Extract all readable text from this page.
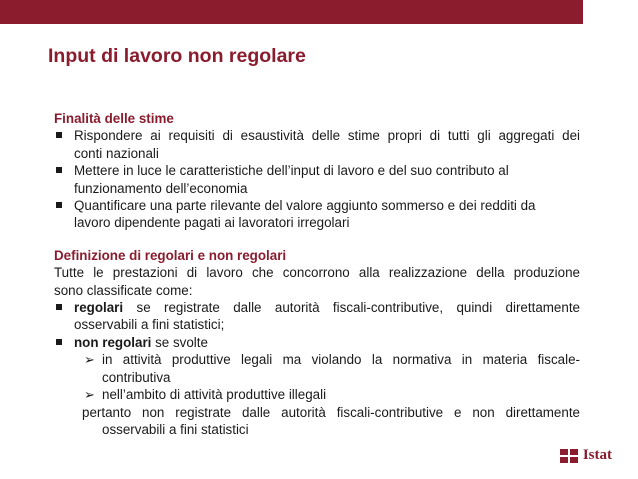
Input di lavoro non regolare
Finalità delle stime
Rispondere ai requisiti di esaustività delle stime propri di tutti gli aggregati dei
conti nazionali
Mettere in luce le caratteristiche dell’input di lavoro e del suo contributo al
funzionamento dell’economia
Quantificare una parte rilevante del valore aggiunto sommerso e dei redditi da
lavoro dipendente pagati ai lavoratori irregolari
Definizione di regolari e non regolari
Tutte le prestazioni di lavoro che concorrono alla realizzazione della produzione
sono classificate come:
regolari se registrate dalle autorità fiscali-contributive, quindi direttamente
osservabili a fini statistici;
non regolari se svolte
➢ in attività produttive legali ma violando la normativa in materia fiscale-
contributiva
➢ nell’ambito di attività produttive illegali
pertanto non registrate dalle autorità fiscali-contributive e non direttamente
osservabili a fini statistici
Istat
